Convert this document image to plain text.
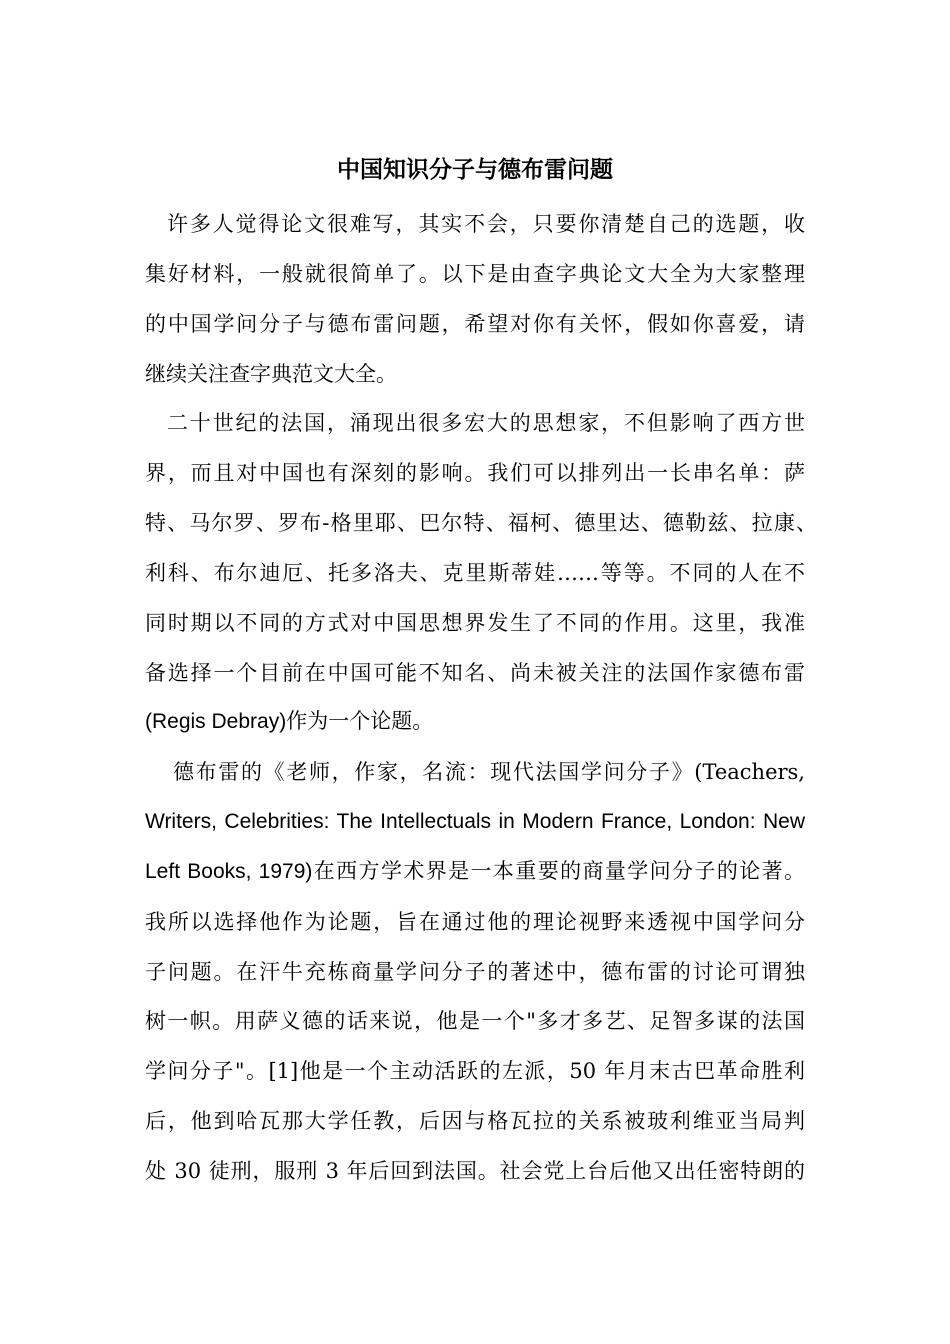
中国知识分子与德布雷问题
许多人觉得论文很难写，其实不会，只要你清楚自己的选题，收
集好材料，一般就很简单了。以下是由查字典论文大全为大家整理
的中国学问分子与德布雷问题，希望对你有关怀，假如你喜爱，请
继续关注查字典范文大全。
二十世纪的法国，涌现出很多宏大的思想家，不但影响了西方世
界，而且对中国也有深刻的影响。我们可以排列出一长串名单：萨
特、马尔罗、罗布-格里耶、巴尔特、福柯、德里达、德勒兹、拉康、
利科、布尔迪厄、托多洛夫、克里斯蒂娃……等等。不同的人在不
同时期以不同的方式对中国思想界发生了不同的作用。这里，我准
备选择一个目前在中国可能不知名、尚未被关注的法国作家德布雷
(Regis Debray)作为一个论题。
德布雷的《老师，作家，名流：现代法国学问分子》(Teachers,
Writers, Celebrities: The Intellectuals in Modern France, London: New
Left Books, 1979)在西方学术界是一本重要的商量学问分子的论著。
我所以选择他作为论题，旨在通过他的理论视野来透视中国学问分
子问题。在汗牛充栋商量学问分子的著述中，德布雷的讨论可谓独
树一帜。用萨义德的话来说，他是一个"多才多艺、足智多谋的法国
学问分子"。[1]他是一个主动活跃的左派，50 年月末古巴革命胜利
后，他到哈瓦那大学任教，后因与格瓦拉的关系被玻利维亚当局判
处 30 徒刑，服刑 3 年后回到法国。社会党上台后他又出任密特朗的
